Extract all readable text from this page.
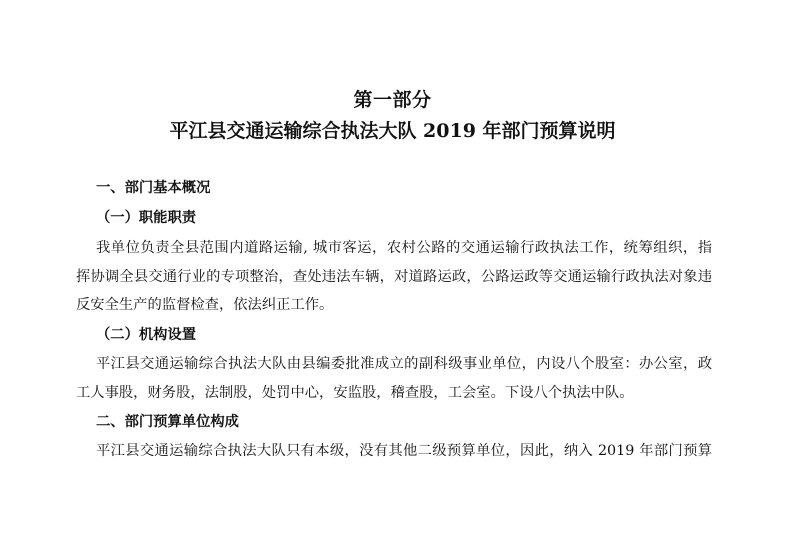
第一部分
平江县交通运输综合执法大队 2019 年部门预算说明
一、部门基本概况
（一）职能职责
我单位负责全县范围内道路运输, 城市客运，农村公路的交通运输行政执法工作，统筹组织，指
挥协调全县交通行业的专项整治，查处违法车辆，对道路运政，公路运政等交通运输行政执法对象违
反安全生产的监督检查，依法纠正工作。
（二）机构设置
平江县交通运输综合执法大队由县编委批准成立的副科级事业单位，内设八个股室：办公室，政
工人事股，财务股，法制股，处罚中心，安监股，稽查股，工会室。下设八个执法中队。
二、部门预算单位构成
平江县交通运输综合执法大队只有本级，没有其他二级预算单位，因此，纳入 2019 年部门预算
